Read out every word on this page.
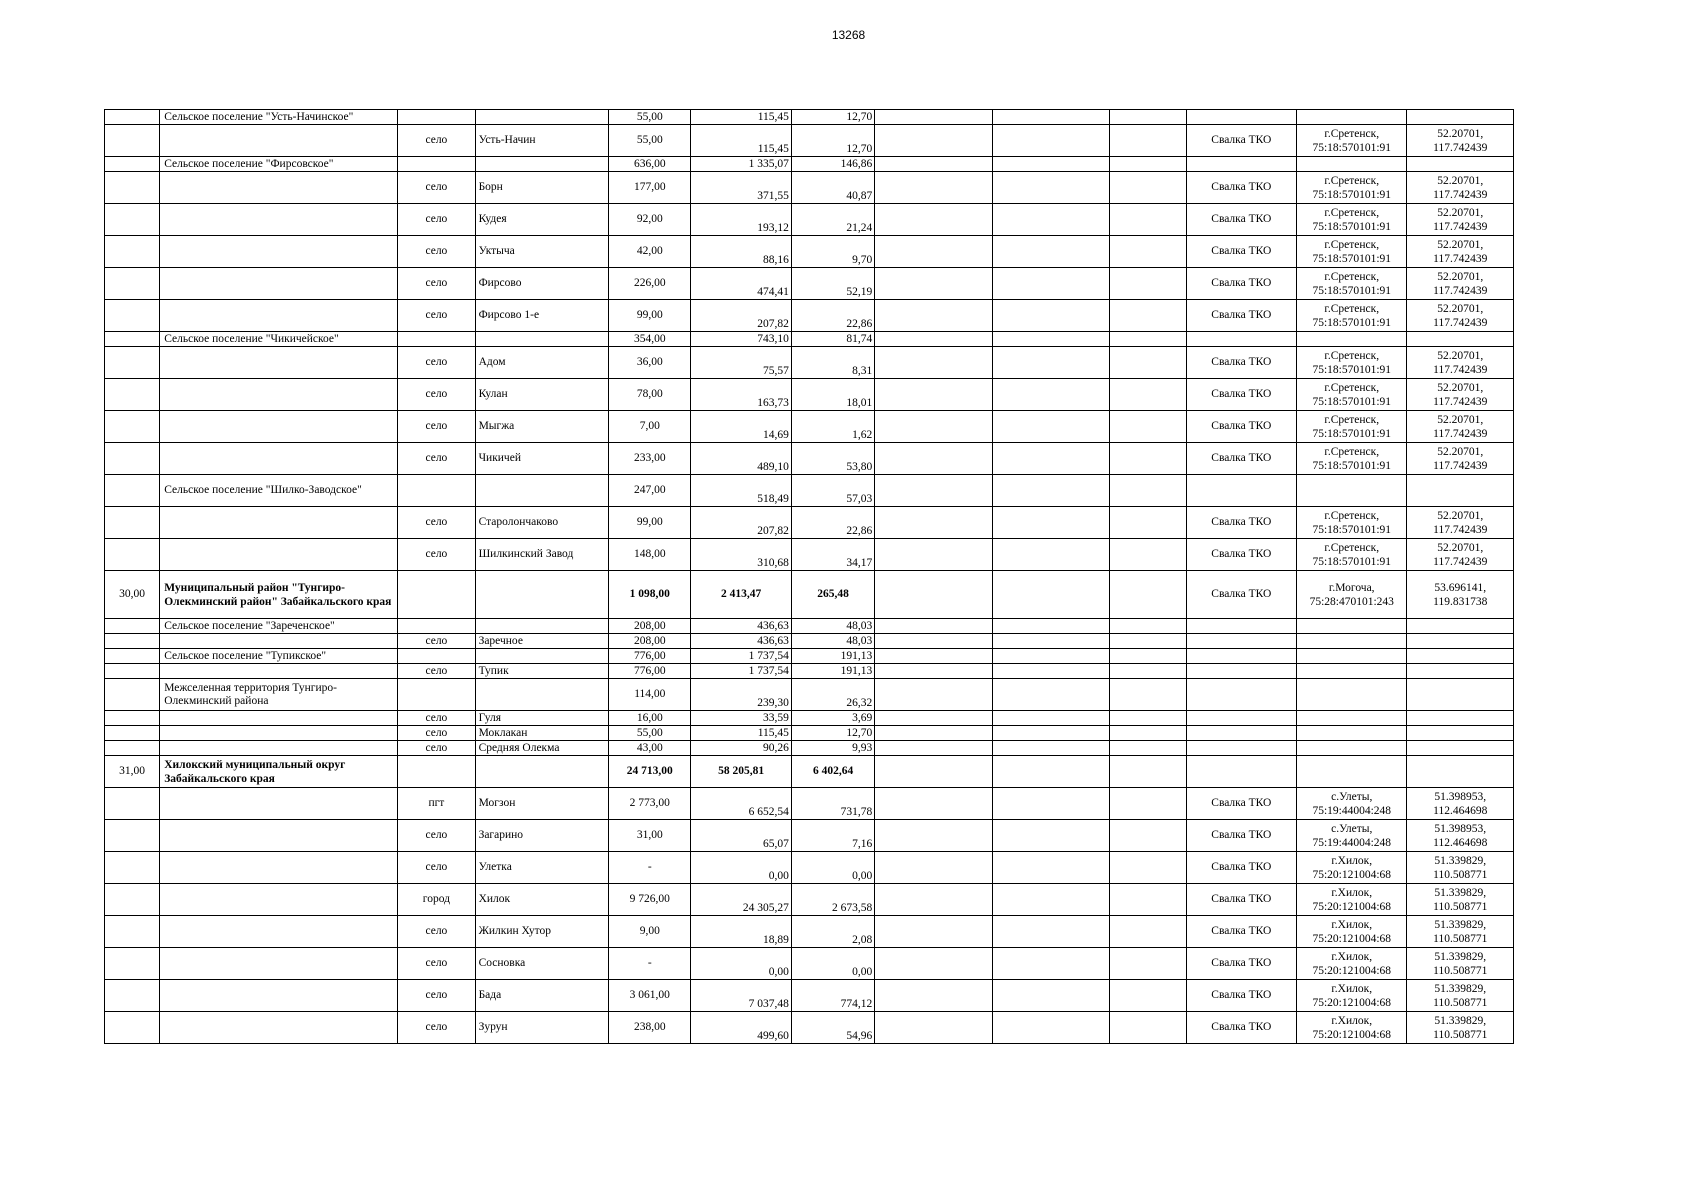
13268
	Сельское поселение "Усть-Начинское"			55,00	115,45	12,70						
		село	Усть-Начин	55,00	115,45	12,70				Свалка ТКО	г.Сретенск, 75:18:570101:91	52.20701, 117.742439
	Сельское поселение "Фирсовское"			636,00	1 335,07	146,86						
		село	Борн	177,00	371,55	40,87				Свалка ТКО	г.Сретенск, 75:18:570101:91	52.20701, 117.742439
		село	Кудея	92,00	193,12	21,24				Свалка ТКО	г.Сретенск, 75:18:570101:91	52.20701, 117.742439
		село	Уктыча	42,00	88,16	9,70				Свалка ТКО	г.Сретенск, 75:18:570101:91	52.20701, 117.742439
		село	Фирсово	226,00	474,41	52,19				Свалка ТКО	г.Сретенск, 75:18:570101:91	52.20701, 117.742439
		село	Фирсово 1-е	99,00	207,82	22,86				Свалка ТКО	г.Сретенск, 75:18:570101:91	52.20701, 117.742439
	Сельское поселение "Чикичейское"			354,00	743,10	81,74						
		село	Адом	36,00	75,57	8,31				Свалка ТКО	г.Сретенск, 75:18:570101:91	52.20701, 117.742439
		село	Кулан	78,00	163,73	18,01				Свалка ТКО	г.Сретенск, 75:18:570101:91	52.20701, 117.742439
		село	Мыгжа	7,00	14,69	1,62				Свалка ТКО	г.Сретенск, 75:18:570101:91	52.20701, 117.742439
		село	Чикичей	233,00	489,10	53,80				Свалка ТКО	г.Сретенск, 75:18:570101:91	52.20701, 117.742439
	Сельское поселение "Шилко-Заводское"			247,00	518,49	57,03						
		село	Старолончаково	99,00	207,82	22,86				Свалка ТКО	г.Сретенск, 75:18:570101:91	52.20701, 117.742439
		село	Шилкинский Завод	148,00	310,68	34,17				Свалка ТКО	г.Сретенск, 75:18:570101:91	52.20701, 117.742439
30,00	Муниципальный район "Тунгиро-Олекминский район" Забайкальского края			1 098,00	2 413,47	265,48				Свалка ТКО	г.Могоча, 75:28:470101:243	53.696141, 119.831738
	Сельское поселение "Зареченское"			208,00	436,63	48,03						
		село	Заречное	208,00	436,63	48,03						
	Сельское поселение "Тупикское"			776,00	1 737,54	191,13						
		село	Тупик	776,00	1 737,54	191,13						
	Межселенная территория Тунгиро-Олекминский района			114,00	239,30	26,32						
		село	Гуля	16,00	33,59	3,69						
		село	Моклакан	55,00	115,45	12,70						
		село	Средняя Олекма	43,00	90,26	9,93						
31,00	Хилокский муниципальный округ Забайкальского края			24 713,00	58 205,81	6 402,64						
		пгт	Могзон	2 773,00	6 652,54	731,78				Свалка ТКО	с.Улеты, 75:19:44004:248	51.398953, 112.464698
		село	Загарино	31,00	65,07	7,16				Свалка ТКО	с.Улеты, 75:19:44004:248	51.398953, 112.464698
		село	Улетка	-	0,00	0,00				Свалка ТКО	г.Хилок, 75:20:121004:68	51.339829, 110.508771
		город	Хилок	9 726,00	24 305,27	2 673,58				Свалка ТКО	г.Хилок, 75:20:121004:68	51.339829, 110.508771
		село	Жилкин Хутор	9,00	18,89	2,08				Свалка ТКО	г.Хилок, 75:20:121004:68	51.339829, 110.508771
		село	Сосновка	-	0,00	0,00				Свалка ТКО	г.Хилок, 75:20:121004:68	51.339829, 110.508771
		село	Бада	3 061,00	7 037,48	774,12				Свалка ТКО	г.Хилок, 75:20:121004:68	51.339829, 110.508771
		село	Зурун	238,00	499,60	54,96				Свалка ТКО	г.Хилок, 75:20:121004:68	51.339829, 110.508771
